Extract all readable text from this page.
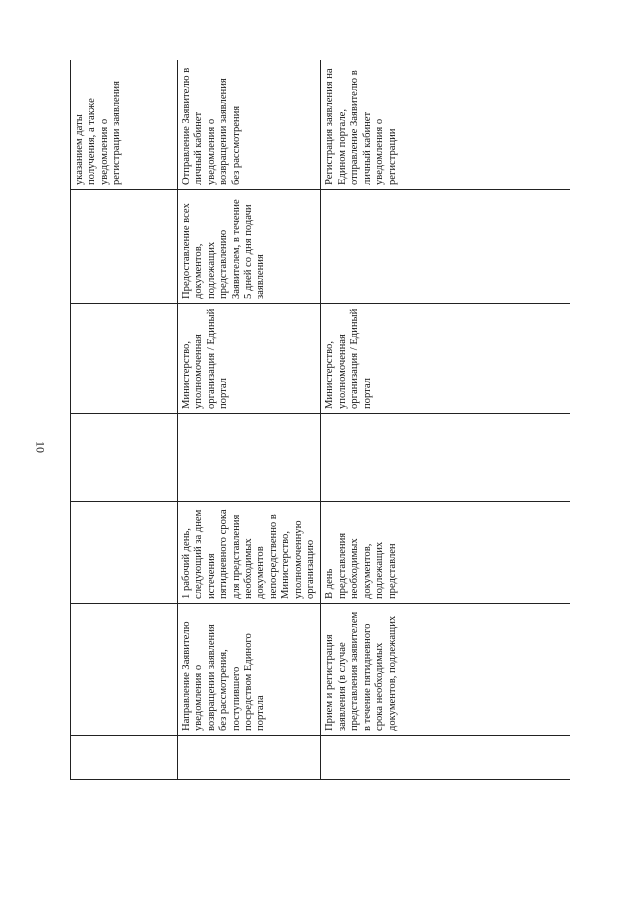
10
						указанием даты получения, а также уведомления о регистрации заявления
	Направление Заявителю уведомления о возвращении заявления без рассмотрения, поступившего посредством Единого портала	1 рабочий день, следующий за днем истечения пятидневного срока для представления необходимых документов непосредственно в Министерство, уполномоченную организацию		Министерство, уполномоченная организация / Единый портал	Предоставление всех документов, подлежащих представлению Заявителем, в течение 5 дней со дня подачи заявления	Отправление Заявителю в личный кабинет уведомления о возвращении заявления без рассмотрения
	Прием и регистрация заявления (в случае представления заявителем в течение пятидневного срока необходимых документов, подлежащих	В день представления необходимых документов, подлежащих представлен		Министерство, уполномоченная организация / Единый портал		Регистрация заявления на Едином портале, отправление Заявителю в личный кабинет уведомления о регистрации
